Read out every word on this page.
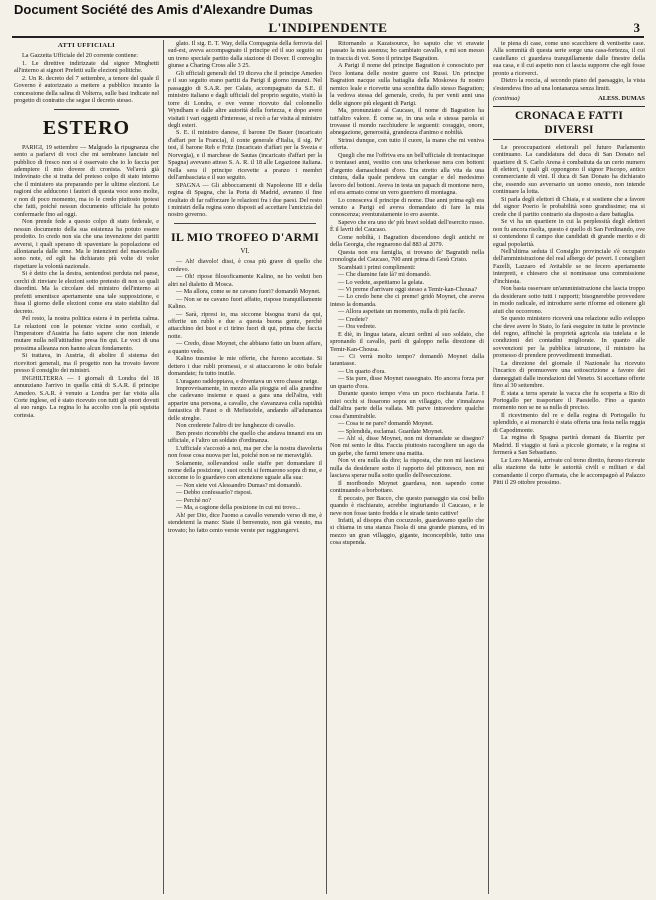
Document Société des Amis d'Alexandre Dumas
L'INDIPENDENTE	3
ATTI UFFICIALI

La Gazzetta Ufficiale del 20 corrente contiene:

1. Le direttive indirizzate dal signor Minghetti all'interno ai signori Prefetti sulle elezioni politiche.

2. Un R. decreto del 7 settembre, a tenore del quale il Governo è autorizzato a mettere a pubblico incanto la concessione della salina di Volterra, sulle basi indicate nel progetto di contratto che segue il decreto stesso.

ESTERO

PARIGI, 19 settembre — Malgrado la ripugnanza che sento a parlarvi di voci che mi sembrano lanciate nel pubblico di fresco non si è osservato che io lo faccia per adempiere il mio dovere di cronista. Vel'avrà già indovinato che si tratta del preteso colpo di stato interno che il ministero sta preparando per le ultime elezioni. Le ragioni che adducono i fautori di questa voce sono molte, e non di poco momento, ma io le credo piuttosto ipotesi che fatti, poiché nessun documento ufficiale ha potuto confermarle fino ad oggi.

Non prende fede a questo colpo di stato federale, e nessun documento della sua esistenza ha potuto essere prodotto. Io credo non sia che una invenzione dei partiti avversi, i quali sperano di spaventare la popolazione ed allontanarla dalle urne. Ma le intenzioni del maresciallo sono note, ed egli ha dichiarato più volte di voler rispettare la volontà nazionale.

Si è detto che la destra, sentendosi perduta nel paese, cerchi di rinviare le elezioni sotto pretesto di non so quali disordini. Ma la circolare del ministro dell'interno ai prefetti smentisce apertamente una tale supposizione, e fissa il giorno delle elezioni come era stato stabilito dal decreto.

Pel resto, la nostra politica estera è in perfetta calma. Le relazioni con le potenze vicine sono cordiali, e l'imperatore d'Austria ha fatto sapere che non intende mutare nulla nell'attitudine presa fin qui. Le voci di una prossima alleanza non hanno alcun fondamento.

Si trattava, in Austria, di abolire il sistema dei ricevitori generali, ma il progetto non ha trovato favore presso il consiglio dei ministri.

INGHILTERRA — I giornali di Londra del 18 annunziano l'arrivo in quella città di S.A.R. il principe Amedeo. S.A.R. è venuto a Londra per far visita alla Corte inglese, ed è stato ricevuto con tutti gli onori dovuti al suo rango. La regina lo ha accolto con la più squisita cortesia.

glato. Il sig. E. T. Way, della Compagnia della ferrovia del sud-est, aveva accompagnato il principe ed il suo seguito su un treno speciale partito dalla stazione di Dover. Il convoglio giunse a Charing Cross alle 3 25.

Gli ufficiali generali del 19 diceva che il principe Amedeo e il suo seguito erano partiti da Parigi il giorno innanzi. Nel passaggio di S.A.R. per Calais, accompagnato da S.E. il ministro italiano e dagli ufficiali del proprio seguito, visitò la torre di Londra, e ove venne ricevuto dal colonnello Wyndham e dalle altre autorità della fortezza, e dopo avere visitati i vari oggetti d'interesse, si recò a far visita al ministro degli esteri.

S. E. il ministro danese, il barone De Bauer (incaricato d'affari per la Francia), il conte generale d'Italia, il sig. Pe' tesi, il barone Reh e Fritz (incaricato d'affari per la Svezia e Norvegia), e il marchese de Sautas (incaricato d'affari per la Spagna) avevano atteso S. A. R. il 18 alle Legazione italiana. Nella sera il principe ricevette a pranzo i membri dell'ambasciata e il suo seguito.

SPAGNA — Gli abboccamenti di Napoleone III e della regina di Spagna, che la Porta di Madrid, avranno il fine risultato di far rafforzare le relazioni fra i due paesi. Del resto i ministri della regina sono disposti ad accettare l'amicizia del nostro governo.

IL MIO TROFEO D'ARMI
VI.

— Ah! diavolo! dissi, è cosa più grave di quello che credevo.

— Oh! ripose filosoficamente Kalino, ne ho veduti ben altri nel dialetto di Mosca.

— Ma allora, come se ne cavano fuori? domandò Moynet.

— Non se ne cavano fuori affatto, rispose tranquillamente Kalino.

— Sarà, ripresi io, ma siccome bisogna trarsi da qui, offerite un rublo e due a questa buona gente, perchè attacchino dei buoi e ci tirino fuori di qui, prima che faccia notte.

— Credo, disse Moynet, che abbiano fatto un buon affare, a quanto vedo.

Kalino trasmise le mie offerte, che furono accettate. Si dettero i due rubli promessi, e si attaccarono le otto bufale domandate; fu tutto inutile.

L'uragano raddoppiava, e diventava un vero chasse neige.

Improvvisamente, in mezzo alla pioggia ed alla grandine che cadevano insieme e quasi a gara una dell'altra, vidi apparire una persona, a cavallo, che s'avanzava colla rapidità fantastica di Faust o di Mefistofele, andando all'adunanza delle streghe.

Non crederete l'altro di tre lunghezze di cavallo.

Ben presto riconobbi che quello che andava innanzi era un ufficiale, e l'altro un soldato d'ordinanza.

L'ufficiale s'accostò a noi, ma per che la nostra diavoleria non fosse cosa nuova per lui, poiché non se ne meravigliò.

Solamente, sollevandosi sulle staffe per domandare il nome della posizione, i suoi occhi si fermarono sopra di me, e siccome io lo guardavo con attenzione uguale alla sua:

— Non siete voi Alessandro Dumas? mi domandò.

— Debbo confessarlo? risposi.

— Perchè no?

— Ma, a cagione della posizione in cui mi trovo...

Ah! per Dio, dice l'uomo a cavallo venendo verso di me, è stendetemi la mano: Siate il benvenuto, non già venuto, ma trovato; ho fatto cento verste verste per raggiungervi.

Ritornando a Kazatsource, ho saputo che vi eravate passato la mia assenza; ho cambiato cavallo, e mi son messo in traccia di voi. Sono il principe Bagration.

A Parigi il nome del principe Bagration è conosciuto per l'eco lontana delle nostre guerre coi Russi. Un principe Bagration nacque sulla battaglia della Moskowa fu nostro nemico leale e ricevette una sconfitta dallo stesso Bagration; la vedova stessa del generale, credo, fu per venti anni una delle signore più eleganti di Parigi.

Ma, pronunziato al Caucaso, il nome di Bagration ha tutt'altro valore. È come se, in una sola e stessa parola si trovasse il mondo racchiudere le seguenti: coraggio, onore, abnegazione, generosità, grandezza d'animo e nobiltà.

Strinsi dunque, con tutto il cuore, la mano che mi veniva offerta.

Quegli che me l'offriva era un bell'ufficiale di trentacinque o trentasei anni, vestito con una tcherkesse nera con bottoni d'argento damaschinati d'oro. Era stretto alla vita da una cintura, dalla quale pendeva un cangiar e del medesimo lavoro del bottoni. Aveva in testa un papach di montone nero, ed era armato come un vero guerriero di montagna.

Lo conosceva il principe di nome. Due anni prima egli era venuto a Parigi ed aveva domandato di fare la mia conoscenza; sventuratamente io ero assente.

Sapevo che era uno de' più bravi soldati dell'esercito russo. È il lavrit del Caucaso.

Come nobiltà, i Bagration discendono degli antichi re della Georgia, che regnarono dal 883 al 2079.

Questa non era famiglia, si trovano de' Bagratidi nella cronologia del Caucaso, 700 anni prima di Gesù Cristo.

Scambiati i primi complimenti:

— Che diamine fate là? mi domandò.

— Lo vedete, aspettiamo la gelata.

— Vi preme d'arrivare oggi stesso a Temir-kan-Chousa?

— Lo credo bene che ci preme! gridò Moynet, che aveva inteso la domanda.

— Allora aspettate un momento, nulla di più facile.

— Credete?

— Ora vedrete.

E diè, in lingua tatara, alcuni ordini al suo soldato, che spronando il cavallo, partì di galoppo nella direzione di Temir-Kan-Chousa.

— Ci verrà molto tempo? domandò Moynet dalla tarantasse.

— Un quarto d'ora.

— Sia pure, disse Moynet rassegnato. Ho ancora forza per un quarto d'ora.

Durante questo tempo v'era un poco rischiarata l'aria. I miei occhi si fissarono sopra un villaggio, che s'innalzava dall'altra parte della vallata. Mi parve intravedere qualche cosa d'ammirabile.

— Cosa te ne pare? domandò Moynet.

— Splendida, esclamai. Guardate Moynet.

— Ah! sì, disse Moynet, non mi domandate se disegno? Non mi sento le dita. Faccia piuttosto raccogliere un ago da un garbe, che farmi tenere una matita.

Non vi era nulla da dire; la risposta, che non mi lasciava nulla da desiderare sotto il rapporto del pittoresco, non mi lasciava sperar nulla sotto quello dell'esecuzione.

Il moribondo Moynet guardava, non sapendo come continuando a borbottare.

È peccato, per Bacco, che questo paesaggio sia così bello quando è rischiarato, acrebbe ingiuriando il Caucaso, e le neve non fosse tanto fredda e le strade tanto cattive!

Infatti, al disopra d'un cocuzzolo, guardavamo quello che si chiama in una stanza l'isola di una grande pianura, ed in mezzo un gran villaggio, gigante, inconcepibile, tutto una cosa stupenda.

te piena di case, come uno scacchiere di ventisette case. Alla sommità di questa serie sorge una casa-fortezza, il cui castellano ci guardava tranquillamente dalle finestre della sua casa, e il cui aspetto non ci lascia supporre che egli fosse pronto a riceverci.

Dietro la roccia, al secondo piano del paesaggio, la vista s'estendeva fino ad una lontananza senza limiti.

(continua)	ALESS. DUMAS
CRONACA E FATTI DIVERSI

Le preoccupazioni elettorali pel futuro Parlamento continuano. La candidatura del duca di San Donato nel quartiere di S. Carlo Arena è combattuta da un certo numero di elettori, i quali gli oppongono il signor Piscopo, antico commerciante di vini. Il duca di San Donato ha dichiarato che, essendo suo avversario un uomo onesto, non intende continuare la lotta.

Si parla degli elettori di Chiaia, e si sostiene che a favore del signor Poerio le probabilità sono grandissime; ma si crede che il partito contrario sia disposto a dare battaglia.

Se vi ha un quartiere in cui la perplessità degli elettori non fu ancora risolta, questo è quello di San Ferdinando, ove si contendono il campo due candidati di grande merito e di egual popolarità.

Nell'ultima seduta il Consiglio provinciale s'è occupato dell'amministrazione del real albergo de' poveri. I consiglieri Fazelli, Lazzaro ed Avitabile se ne fecero apertamente interpreti, e chiesero che si nominasse una commissione d'inchiesta.

Non basta osservare un'amministrazione che lascia troppo da desiderare sotto tutti i rapporti; bisognerebbe provvedere in modo radicale, ed introdurre serie riforme ed ottenere gli aiuti che occorrono.

Se questo ministero riceverà una relazione sullo sviluppo che deve avere lo Stato, lo farà eseguire in tutte le provincie del regno, affinchè la proprietà agricola sia tutelata e le condizioni dei contadini migliorate. In quanto alle sovvenzioni per la pubblica istruzione, il ministro ha promesso di prendere provvedimenti immediati.

La direzione del giornale il Nazionale ha ricevuto l'incarico di promuovere una sottoscrizione a favore dei danneggiati dalle inondazioni del Veneto. Si accettano offerte fino al 30 settembre.

È stata a terra sperate la vacca che fu scoperta a Rio di Portogallo per trasportare il Paesiello. Fino a questo momento non se ne sa nulla di preciso.

Il ricevimento del re e della regina di Portogallo fu splendido, e ai monarchi è stata offerta una festa nella reggia di Capodimonte.

La regina di Spagna partirà domani da Biarritz per Madrid. Il viaggio si farà a piccole giornate, e la regina si fermerà a San Sebastiano.

Le Loro Maestà, arrivate col treno diretto, furono ricevute alla stazione da tutte le autorità civili e militari e dal comandante il corpo d'armata, che le accompagnò al Palazzo Pitti il 29 ottobre prossimo.
